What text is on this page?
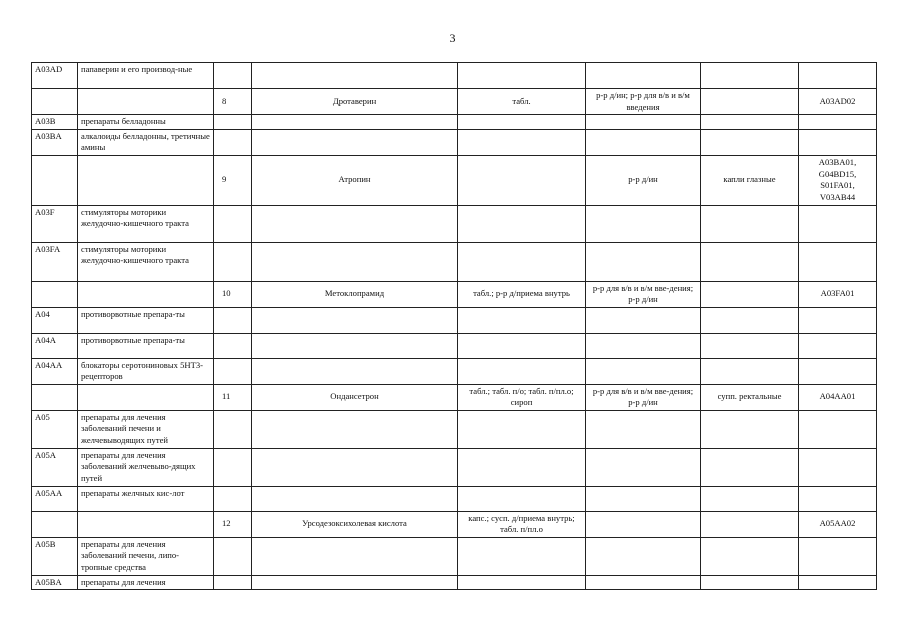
3
A03AD	папаверин и его производ-ные						
		8	Дротаверин	табл.	р-р д/ин; р-р для в/в и в/м введения		A03AD02
A03B	препараты белладонны						
A03BA	алкалоиды белладонны, третичные амины						
		9	Атропин		р-р д/ин	капли глазные	A03BA01, G04BD15, S01FA01, V03AB44
A03F	стимуляторы моторики желудочно-кишечного тракта						
A03FA	стимуляторы моторики желудочно-кишечного тракта						
		10	Метоклопрамид	табл.; р-р д/приема внутрь	р-р для в/в и в/м вве-дения; р-р д/ин		A03FA01
A04	противорвотные препара-ты						
A04A	противорвотные препара-ты						
A04AA	блокаторы серотониновых 5HT3-рецепторов						
		11	Ондансетрон	табл.; табл. п/о; табл. п/пл.о; сироп	р-р для в/в и в/м вве-дения; р-р д/ин	супп. ректальные	A04AA01
A05	препараты для лечения заболеваний печени и желчевыводящих путей						
A05A	препараты для лечения заболеваний желчевыво-дящих путей						
A05AA	препараты желчных кис-лот						
		12	Урсодезоксихолевая кислота	капс.; сусп. д/приема внутрь; табл. п/пл.о			A05AA02
A05B	препараты для лечения заболеваний печени, липо-тропные средства						
A05BA	препараты для лечения						
